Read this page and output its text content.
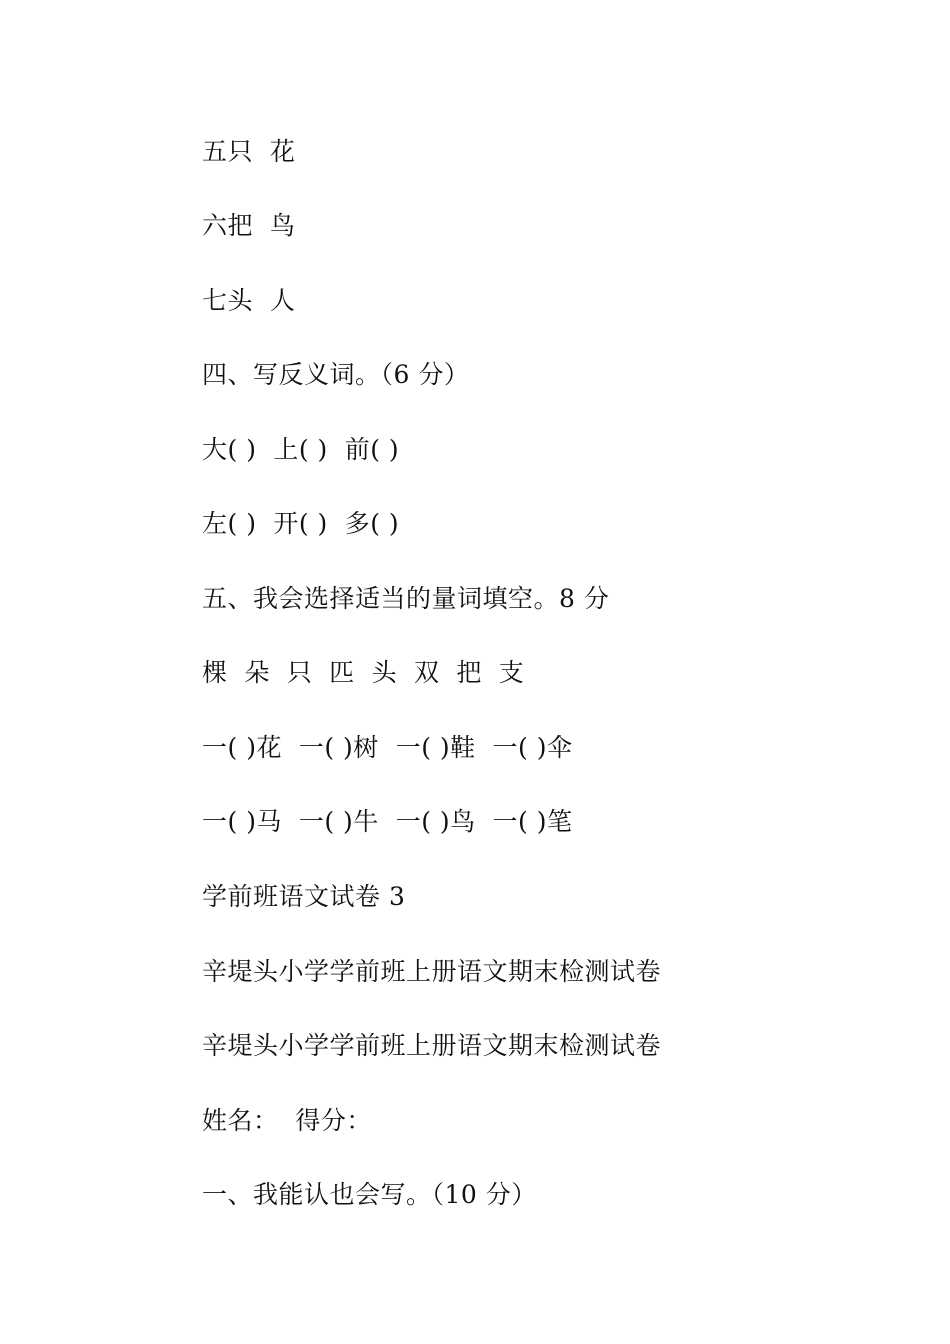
五只  花
六把  鸟
七头  人
四、写反义词。（6 分）
大( )  上( )  前( )
左( )  开( )  多( )
五、我会选择适当的量词填空。8 分
棵  朵  只  匹  头  双  把  支
一( )花  一( )树  一( )鞋  一( )伞
一( )马  一( )牛  一( )鸟  一( )笔
学前班语文试卷 3
辛堤头小学学前班上册语文期末检测试卷
辛堤头小学学前班上册语文期末检测试卷
姓名：  得分：
一、我能认也会写。（10 分）
